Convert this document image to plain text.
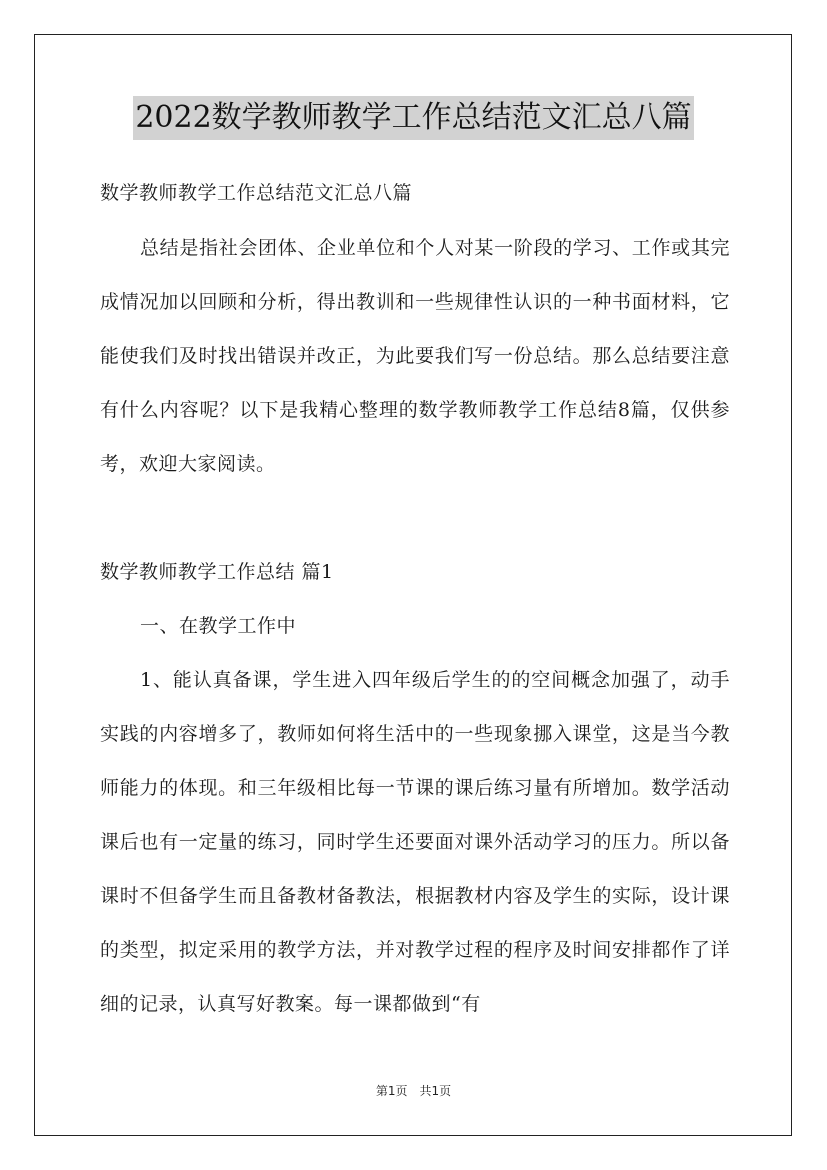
2022数学教师教学工作总结范文汇总八篇
数学教师教学工作总结范文汇总八篇
总结是指社会团体、企业单位和个人对某一阶段的学习、工作或其完成情况加以回顾和分析，得出教训和一些规律性认识的一种书面材料，它能使我们及时找出错误并改正，为此要我们写一份总结。那么总结要注意有什么内容呢？以下是我精心整理的数学教师教学工作总结8篇，仅供参考，欢迎大家阅读。
数学教师教学工作总结 篇1
一、在教学工作中
1、能认真备课，学生进入四年级后学生的的空间概念加强了，动手实践的内容增多了，教师如何将生活中的一些现象挪入课堂，这是当今教师能力的体现。和三年级相比每一节课的课后练习量有所增加。数学活动课后也有一定量的练习，同时学生还要面对课外活动学习的压力。所以备课时不但备学生而且备教材备教法，根据教材内容及学生的实际，设计课的类型，拟定采用的教学方法，并对教学过程的程序及时间安排都作了详细的记录，认真写好教案。每一课都做到“有
第1页 共1页
